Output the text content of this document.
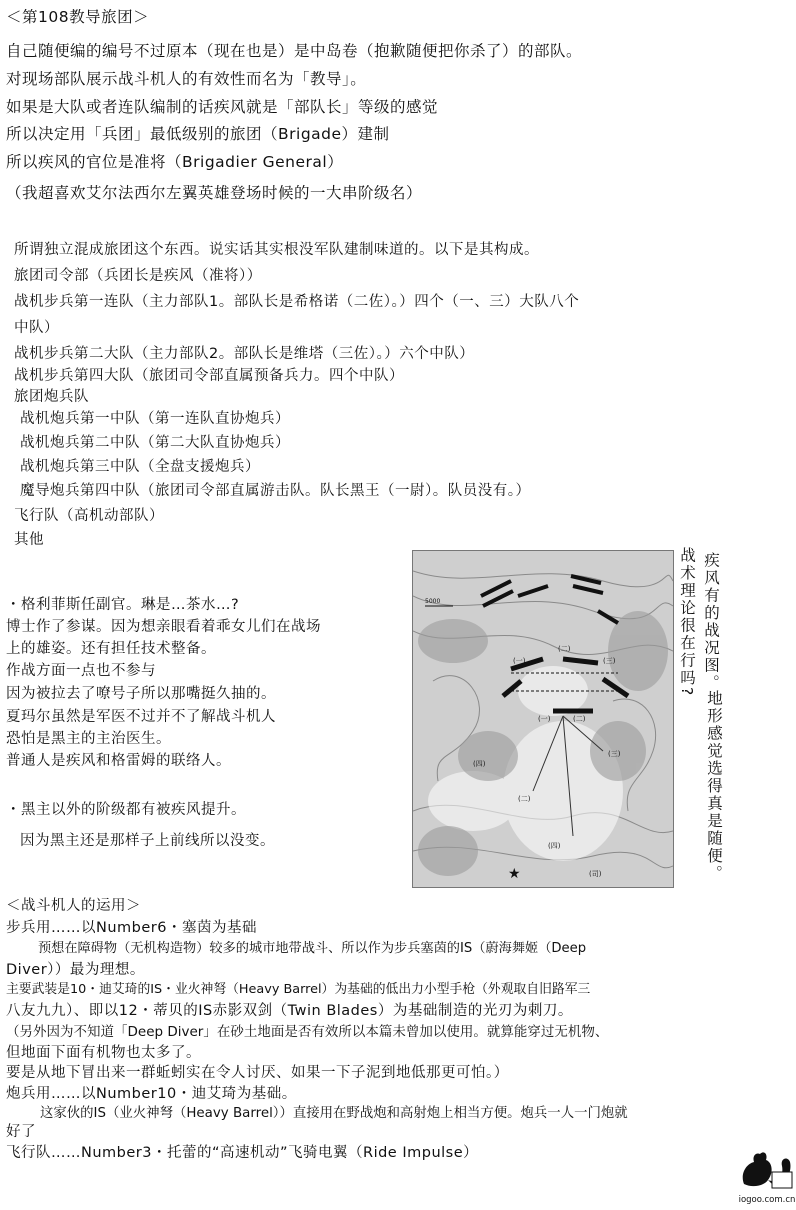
＜第108教导旅团＞
自己随便编的编号不过原本（现在也是）是中岛卷（抱歉随便把你杀了）的部队。
对现场部队展示战斗机人的有效性而名为「教导」。
如果是大队或者连队编制的话疾风就是「部队长」等级的感觉
所以决定用「兵团」最低级别的旅团（Brigade）建制
所以疾风的官位是准将（Brigadier General）
（我超喜欢艾尔法西尔左翼英雄登场时候的一大串阶级名）
所谓独立混成旅团这个东西。说实话其实根没军队建制味道的。以下是其构成。
旅团司令部（兵团长是疾风（准将））
战机步兵第一连队（主力部队1。部队长是希格诺（二佐）。）四个（一、三）大队八个
中队）
战机步兵第二大队（主力部队2。部队长是维塔（三佐）。）六个中队）
战机步兵第四大队（旅团司令部直属预备兵力。四个中队）
旅团炮兵队
战机炮兵第一中队（第一连队直协炮兵）
战机炮兵第二中队（第二大队直协炮兵）
战机炮兵第三中队（全盘支援炮兵）
魔导炮兵第四中队（旅团司令部直属游击队。队长黑王（一尉）。队员没有。）
飞行队（高机动部队）
其他
・格利菲斯任副官。琳是…茶水…?
博士作了参谋。因为想亲眼看着乖女儿们在战场
上的雄姿。还有担任技术整备。
作战方面一点也不参与
因为被拉去了嘹号子所以那嘴挺久抽的。
夏玛尔虽然是军医不过并不了解战斗机人
恐怕是黑主的主治医生。
普通人是疾风和格雷姆的联络人。
・黑主以外的阶级都有被疾风提升。
因为黑主还是那样子上前线所以没变。
5000
(一)
(二)
(三)
(一)	(二)
(四)
(三)
(二)
(四)
(司)
★
疾风有的战况图。
战术理论很在行吗?
地形感觉选得真是随便。
＜战斗机人的运用＞
步兵用……以Number6・塞茵为基础
预想在障碍物（无机构造物）较多的城市地带战斗、所以作为步兵塞茵的IS（蔚海舞姬（Deep
Diver））最为理想。
主要武装是10・迪艾琦的IS・业火神弩（Heavy Barrel）为基础的低出力小型手枪（外观取自旧路军三
八友九九）、即以12・蒂贝的IS赤影双剑（Twin Blades）为基础制造的光刃为刺刀。
（另外因为不知道「Deep Diver」在砂土地面是否有效所以本篇未曾加以使用。就算能穿过无机物、
但地面下面有机物也太多了。
要是从地下冒出来一群蚯蚓实在令人讨厌、如果一下子泥到地低那更可怕。）
炮兵用……以Number10・迪艾琦为基础。
这家伙的IS（业火神弩（Heavy Barrel））直接用在野战炮和高射炮上相当方便。炮兵一人一门炮就
好了
飞行队……Number3・托蕾的“高速机动”飞骑电翼（Ride Impulse）
iogoo.com.cn
